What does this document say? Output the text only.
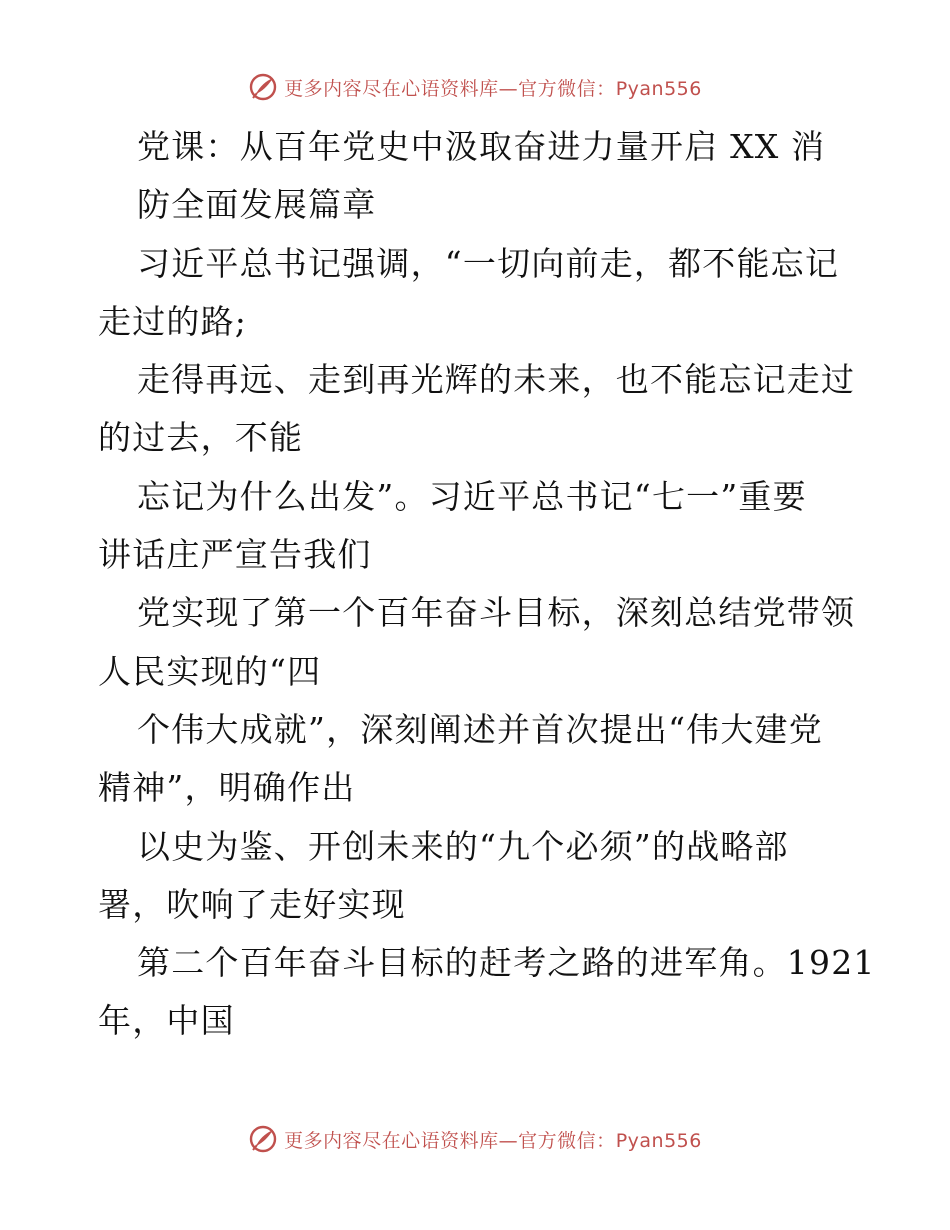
更多内容尽在心语资料库—官方微信：Pyan556
党课：从百年党史中汲取奋进力量开启 XX 消
防全面发展篇章
习近平总书记强调，“一切向前走，都不能忘记
走过的路;
走得再远、走到再光辉的未来，也不能忘记走过
的过去，不能
忘记为什么出发”。习近平总书记“七一”重要
讲话庄严宣告我们
党实现了第一个百年奋斗目标，深刻总结党带领
人民实现的“四
个伟大成就”，深刻阐述并首次提出“伟大建党
精神”，明确作出
以史为鉴、开创未来的“九个必须”的战略部
署，吹响了走好实现
第二个百年奋斗目标的赶考之路的进军角。1921
年，中国
更多内容尽在心语资料库—官方微信：Pyan556
